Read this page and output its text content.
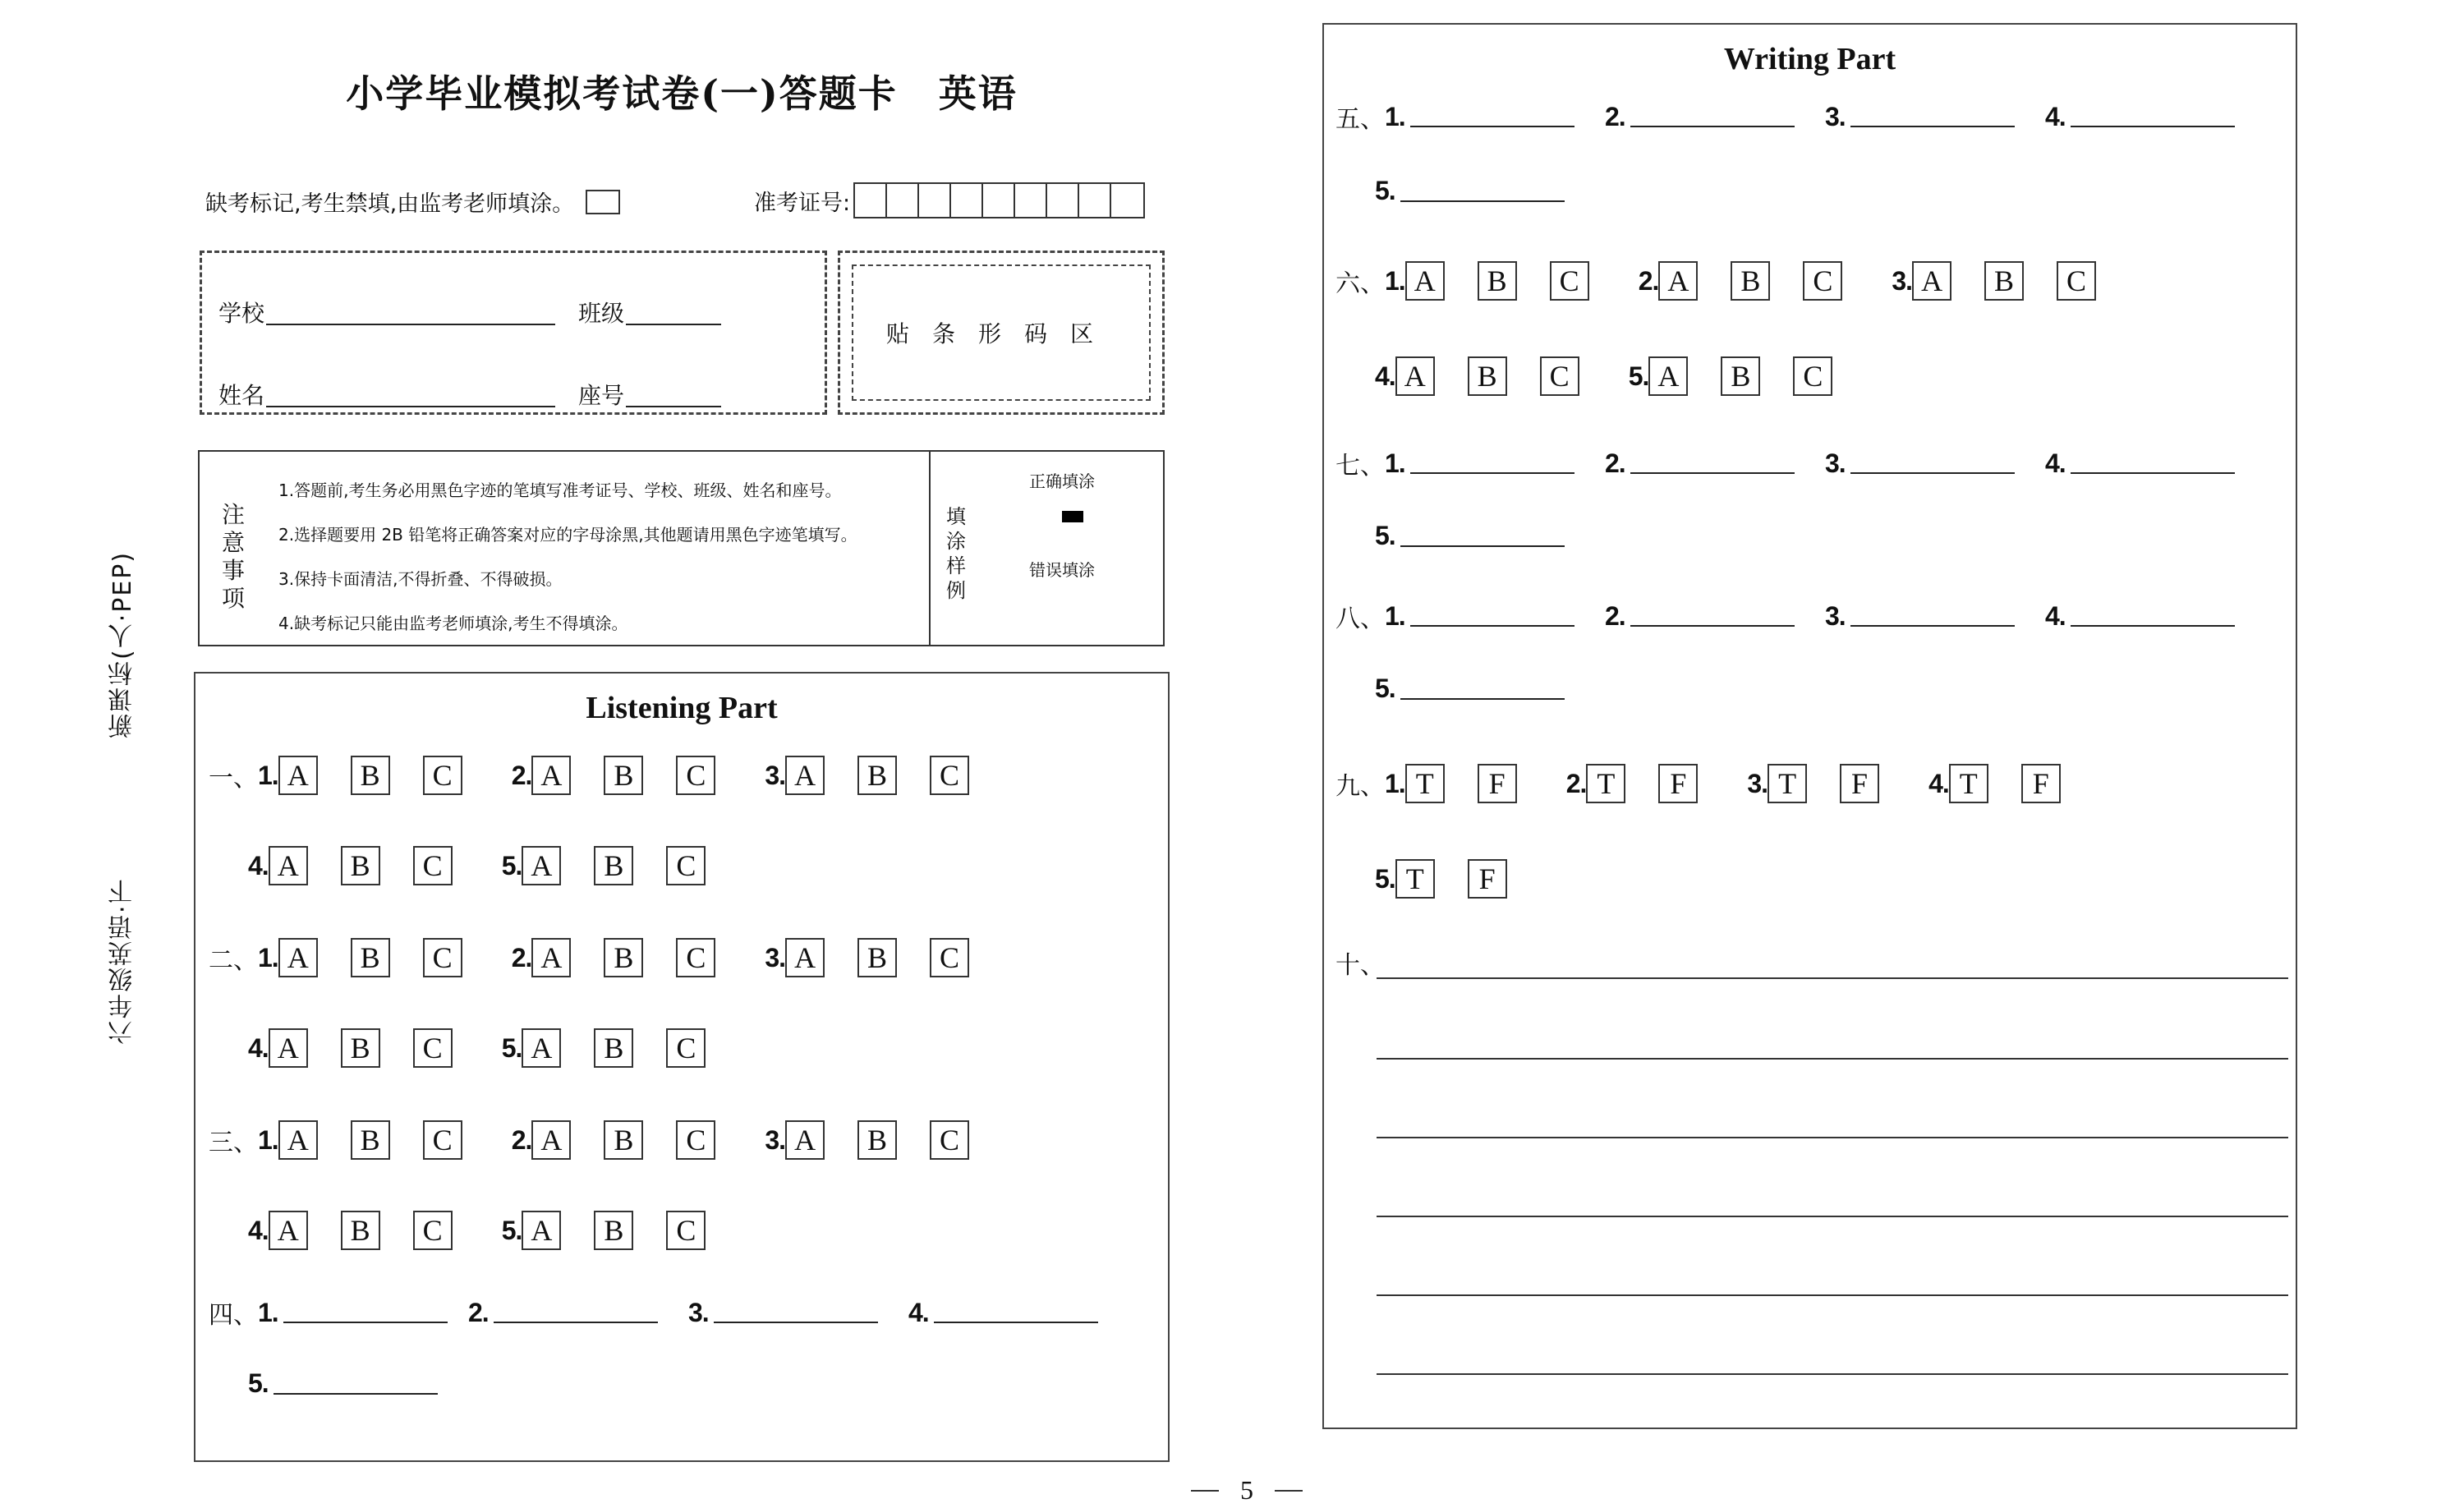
新课标(人·PEP)
六年级英语·下
小学毕业模拟考试卷(一)答题卡 英语
缺考标记,考生禁填,由监考老师填涂。	准考证号:
学校	班级
姓名	座号
贴条形码区
注意事项
1.答题前,考生务必用黑色字迹的笔填写准考证号、学校、班级、姓名和座号。
2.选择题要用 2B 铅笔将正确答案对应的字母涂黑,其他题请用黑色字迹笔填写。
3.保持卡面清洁,不得折叠、不得破损。
4.缺考标记只能由监考老师填涂,考生不得填涂。
填涂样例
正确填涂
错误填涂
Listening Part
一、 1. A	B	C	2. A	B	C	3. A	B	C
4. A	B	C	5. A	B	C
二、 1. A	B	C	2. A	B	C	3. A	B	C
4. A	B	C	5. A	B	C
三、 1. A	B	C	2. A	B	C	3. A	B	C
4. A	B	C	5. A	B	C
四、 1.	2.	3.	4.
5.
Writing Part
五、 1.	2.	3.	4.
5.
六、 1. A	B	C	2. A	B	C	3. A	B	C
4. A	B	C	5. A	B	C
七、 1.	2.	3.	4.
5.
八、 1.	2.	3.	4.
5.
九、 1. T	F	2. T	F	3. T	F	4. T	F
5. T	F
十、
5
